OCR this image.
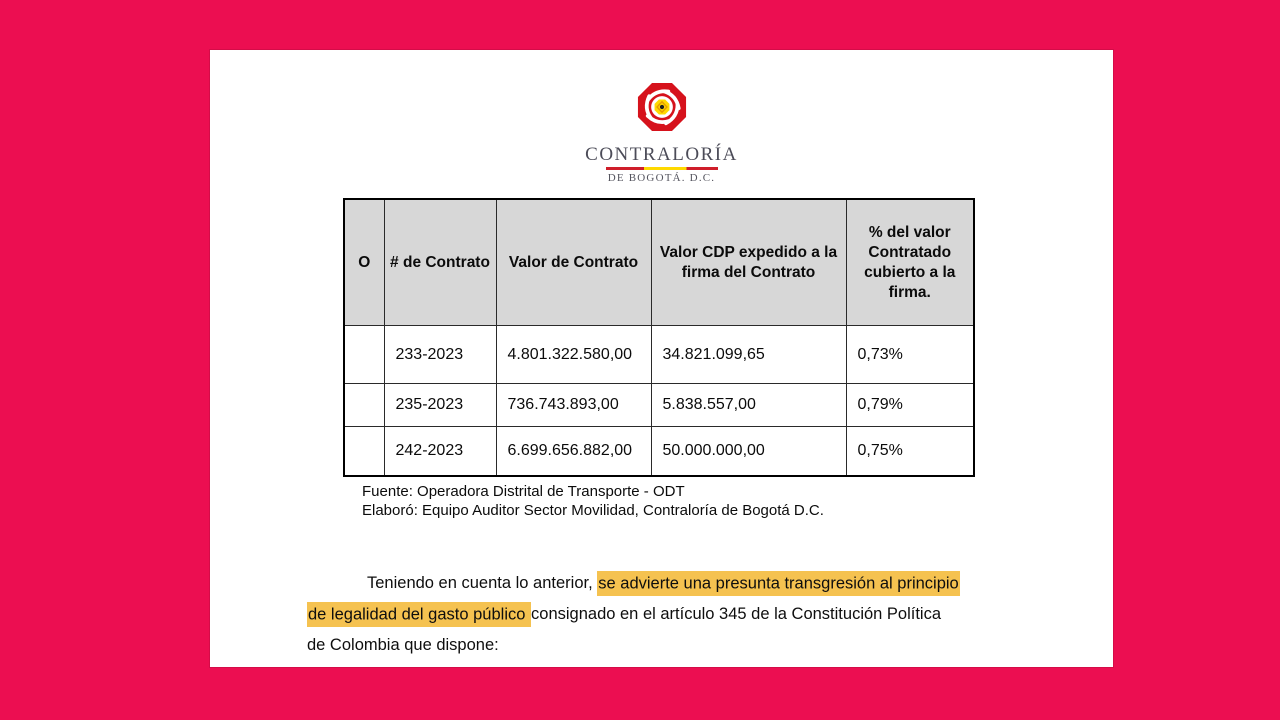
CONTRALORÍA
DE BOGOTÁ. D.C.
O	# de Contrato	Valor de Contrato	Valor CDP expedido a la firma del Contrato	% del valor Contratado cubierto a la firma.
	233-2023	4.801.322.580,00	34.821.099,65	0,73%
	235-2023	736.743.893,00	5.838.557,00	0,79%
	242-2023	6.699.656.882,00	50.000.000,00	0,75%
Fuente: Operadora Distrital de Transporte - ODT
Elaboró: Equipo Auditor Sector Movilidad, Contraloría de Bogotá D.C.
Teniendo en cuenta lo anterior, se advierte una presunta transgresión al principio
de legalidad del gasto público consignado en el artículo 345 de la Constitución Política
de Colombia que dispone:
